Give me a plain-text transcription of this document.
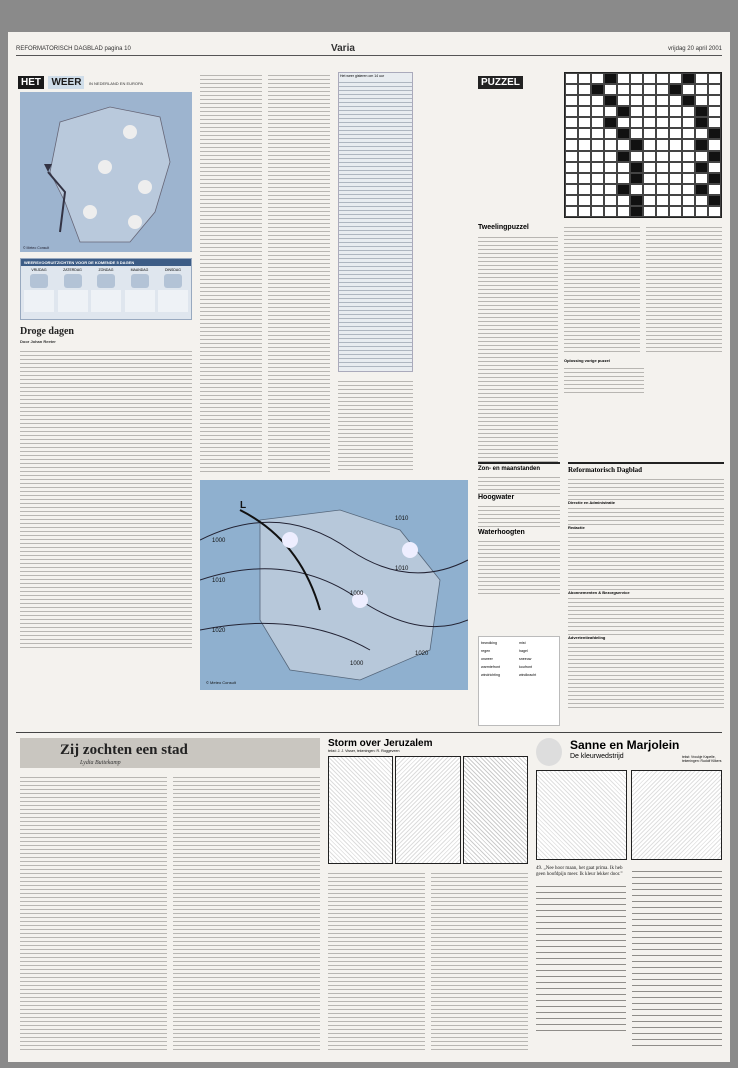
REFORMATORISCH DAGBLAD pagina 10	Varia	vrijdag 20 april 2001
HET WEER IN NEDERLAND EN EUROPA
© Meteo Consult
WEERSVOORUITZICHTEN VOOR DE KOMENDE 5 DAGEN
VRIJDAG	ZATERDAG	ZONDAG	MAANDAG	DINSDAG
Droge dagen
Door Johan Reeter
Het weer gisteren om 14 uur
L
1000
1010
1020
1000
1000
1010
1010
1020
© Meteo Consult
PUZZEL
Tweelingpuzzel
Oplossing vorige puzzel
Zon- en maanstanden
Hoogwater
Waterhoogten
bewolking	mist
regen	hagel
onweer	sneeuw
warmtefront	koufront
windrichting	windkracht
Reformatorisch Dagblad
Directie en Administratie
Redactie
Abonnementen & Bezorgservice
Advertentieafdeling
Zij zochten een stad
Lydia Buitekamp
Storm over Jeruzalem
tekst: J. J. Visser, tekeningen: R. Roggeveen	Sanne en Marjolein
De kleurwedstrijd	tekst: Vroukje Kapelle, tekeningen: Rudolf Kilkers
49. „Nee hoor maan, het gaat prima. Ik heb geen hoofdpijn meer. Ik kleur lekker door.”
